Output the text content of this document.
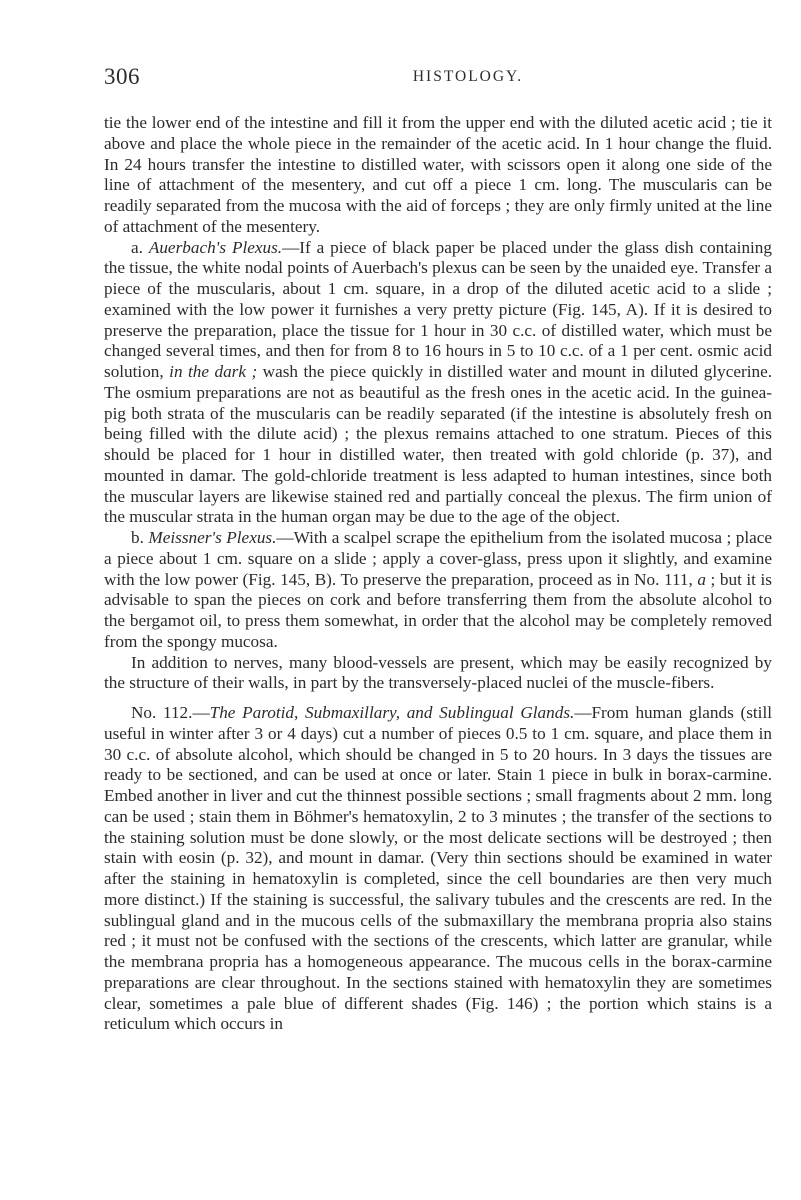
306	HISTOLOGY.

tie the lower end of the intestine and fill it from the upper end with the diluted acetic acid ; tie it above and place the whole piece in the remainder of the acetic acid. In 1 hour change the fluid. In 24 hours transfer the intestine to distilled water, with scissors open it along one side of the line of attachment of the mesentery, and cut off a piece 1 cm. long. The muscularis can be readily separated from the mucosa with the aid of forceps ; they are only firmly united at the line of attachment of the mesentery.

a. Auerbach's Plexus.—If a piece of black paper be placed under the glass dish containing the tissue, the white nodal points of Auerbach's plexus can be seen by the unaided eye. Transfer a piece of the muscularis, about 1 cm. square, in a drop of the diluted acetic acid to a slide ; examined with the low power it furnishes a very pretty picture (Fig. 145, A). If it is desired to preserve the preparation, place the tissue for 1 hour in 30 c.c. of distilled water, which must be changed several times, and then for from 8 to 16 hours in 5 to 10 c.c. of a 1 per cent. osmic acid solution, in the dark ; wash the piece quickly in distilled water and mount in diluted glycerine. The osmium preparations are not as beautiful as the fresh ones in the acetic acid. In the guinea-pig both strata of the muscularis can be readily separated (if the intestine is absolutely fresh on being filled with the dilute acid) ; the plexus remains attached to one stratum. Pieces of this should be placed for 1 hour in distilled water, then treated with gold chloride (p. 37), and mounted in damar. The gold-chloride treatment is less adapted to human intestines, since both the muscular layers are likewise stained red and partially conceal the plexus. The firm union of the muscular strata in the human organ may be due to the age of the object.

b. Meissner's Plexus.—With a scalpel scrape the epithelium from the isolated mucosa ; place a piece about 1 cm. square on a slide ; apply a cover-glass, press upon it slightly, and examine with the low power (Fig. 145, B). To preserve the preparation, proceed as in No. 111, a ; but it is advisable to span the pieces on cork and before transferring them from the absolute alcohol to the bergamot oil, to press them somewhat, in order that the alcohol may be completely removed from the spongy mucosa.

In addition to nerves, many blood-vessels are present, which may be easily recognized by the structure of their walls, in part by the transversely-placed nuclei of the muscle-fibers.

No. 112.—The Parotid, Submaxillary, and Sublingual Glands.—From human glands (still useful in winter after 3 or 4 days) cut a number of pieces 0.5 to 1 cm. square, and place them in 30 c.c. of absolute alcohol, which should be changed in 5 to 20 hours. In 3 days the tissues are ready to be sectioned, and can be used at once or later. Stain 1 piece in bulk in borax-carmine. Embed another in liver and cut the thinnest possible sections ; small fragments about 2 mm. long can be used ; stain them in Böhmer's hematoxylin, 2 to 3 minutes ; the transfer of the sections to the staining solution must be done slowly, or the most delicate sections will be destroyed ; then stain with eosin (p. 32), and mount in damar. (Very thin sections should be examined in water after the staining in hematoxylin is completed, since the cell boundaries are then very much more distinct.) If the staining is successful, the salivary tubules and the crescents are red. In the sublingual gland and in the mucous cells of the submaxillary the membrana propria also stains red ; it must not be confused with the sections of the crescents, which latter are granular, while the membrana propria has a homogeneous appearance. The mucous cells in the borax-carmine preparations are clear throughout. In the sections stained with hematoxylin they are sometimes clear, sometimes a pale blue of different shades (Fig. 146) ; the portion which stains is a reticulum which occurs in
